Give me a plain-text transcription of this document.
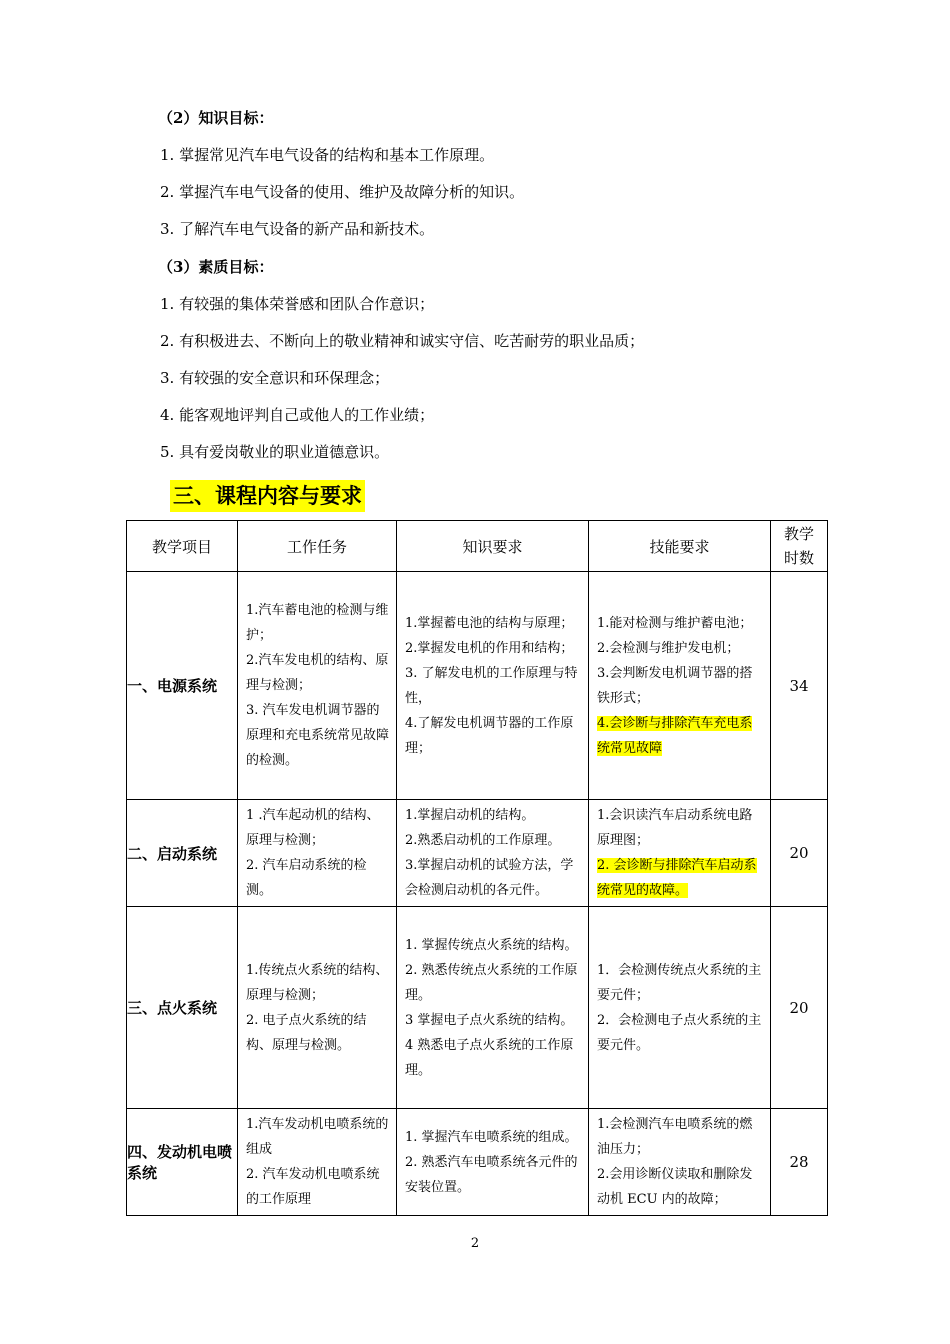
（2）知识目标：
1. 掌握常见汽车电气设备的结构和基本工作原理。
2. 掌握汽车电气设备的使用、维护及故障分析的知识。
3. 了解汽车电气设备的新产品和新技术。
（3）素质目标：
1. 有较强的集体荣誉感和团队合作意识；
2. 有积极进去、不断向上的敬业精神和诚实守信、吃苦耐劳的职业品质；
3. 有较强的安全意识和环保理念；
4. 能客观地评判自己或他人的工作业绩；
5. 具有爱岗敬业的职业道德意识。
三、课程内容与要求
教学项目	工作任务	知识要求	技能要求	教学
时数

一、电源系统	1.汽车蓄电池的检测与维护；
2.汽车发电机的结构、原理与检测；
3. 汽车发电机调节器的原理和充电系统常见故障的检测。	1.掌握蓄电池的结构与原理；
2.掌握发电机的作用和结构；
3. 了解发电机的工作原理与特性，
4.了解发电机调节器的工作原理；	1.能对检测与维护蓄电池；
2.会检测与维护发电机；
3.会判断发电机调节器的搭铁形式；
4.会诊断与排除汽车充电系统常见故障	34
二、启动系统	1 .汽车起动机的结构、原理与检测；
2. 汽车启动系统的检测。	1.掌握启动机的结构。
2.熟悉启动机的工作原理。
3.掌握启动机的试验方法，学会检测启动机的各元件。	1.会识读汽车启动系统电路原理图；
2. 会诊断与排除汽车启动系统常见的故障。	20
三、点火系统	1.传统点火系统的结构、原理与检测；
2. 电子点火系统的结构、原理与检测。	1. 掌握传统点火系统的结构。
2. 熟悉传统点火系统的工作原理。
3 掌握电子点火系统的结构。
4 熟悉电子点火系统的工作原理。	1．会检测传统点火系统的主要元件；
2．会检测电子点火系统的主要元件。	20
四、发动机电喷系统	1.汽车发动机电喷系统的组成
2. 汽车发动机电喷系统的工作原理	1. 掌握汽车电喷系统的组成。
2. 熟悉汽车电喷系统各元件的安装位置。	1.会检测汽车电喷系统的燃油压力；
2.会用诊断仪读取和删除发动机 ECU 内的故障；	28
2
